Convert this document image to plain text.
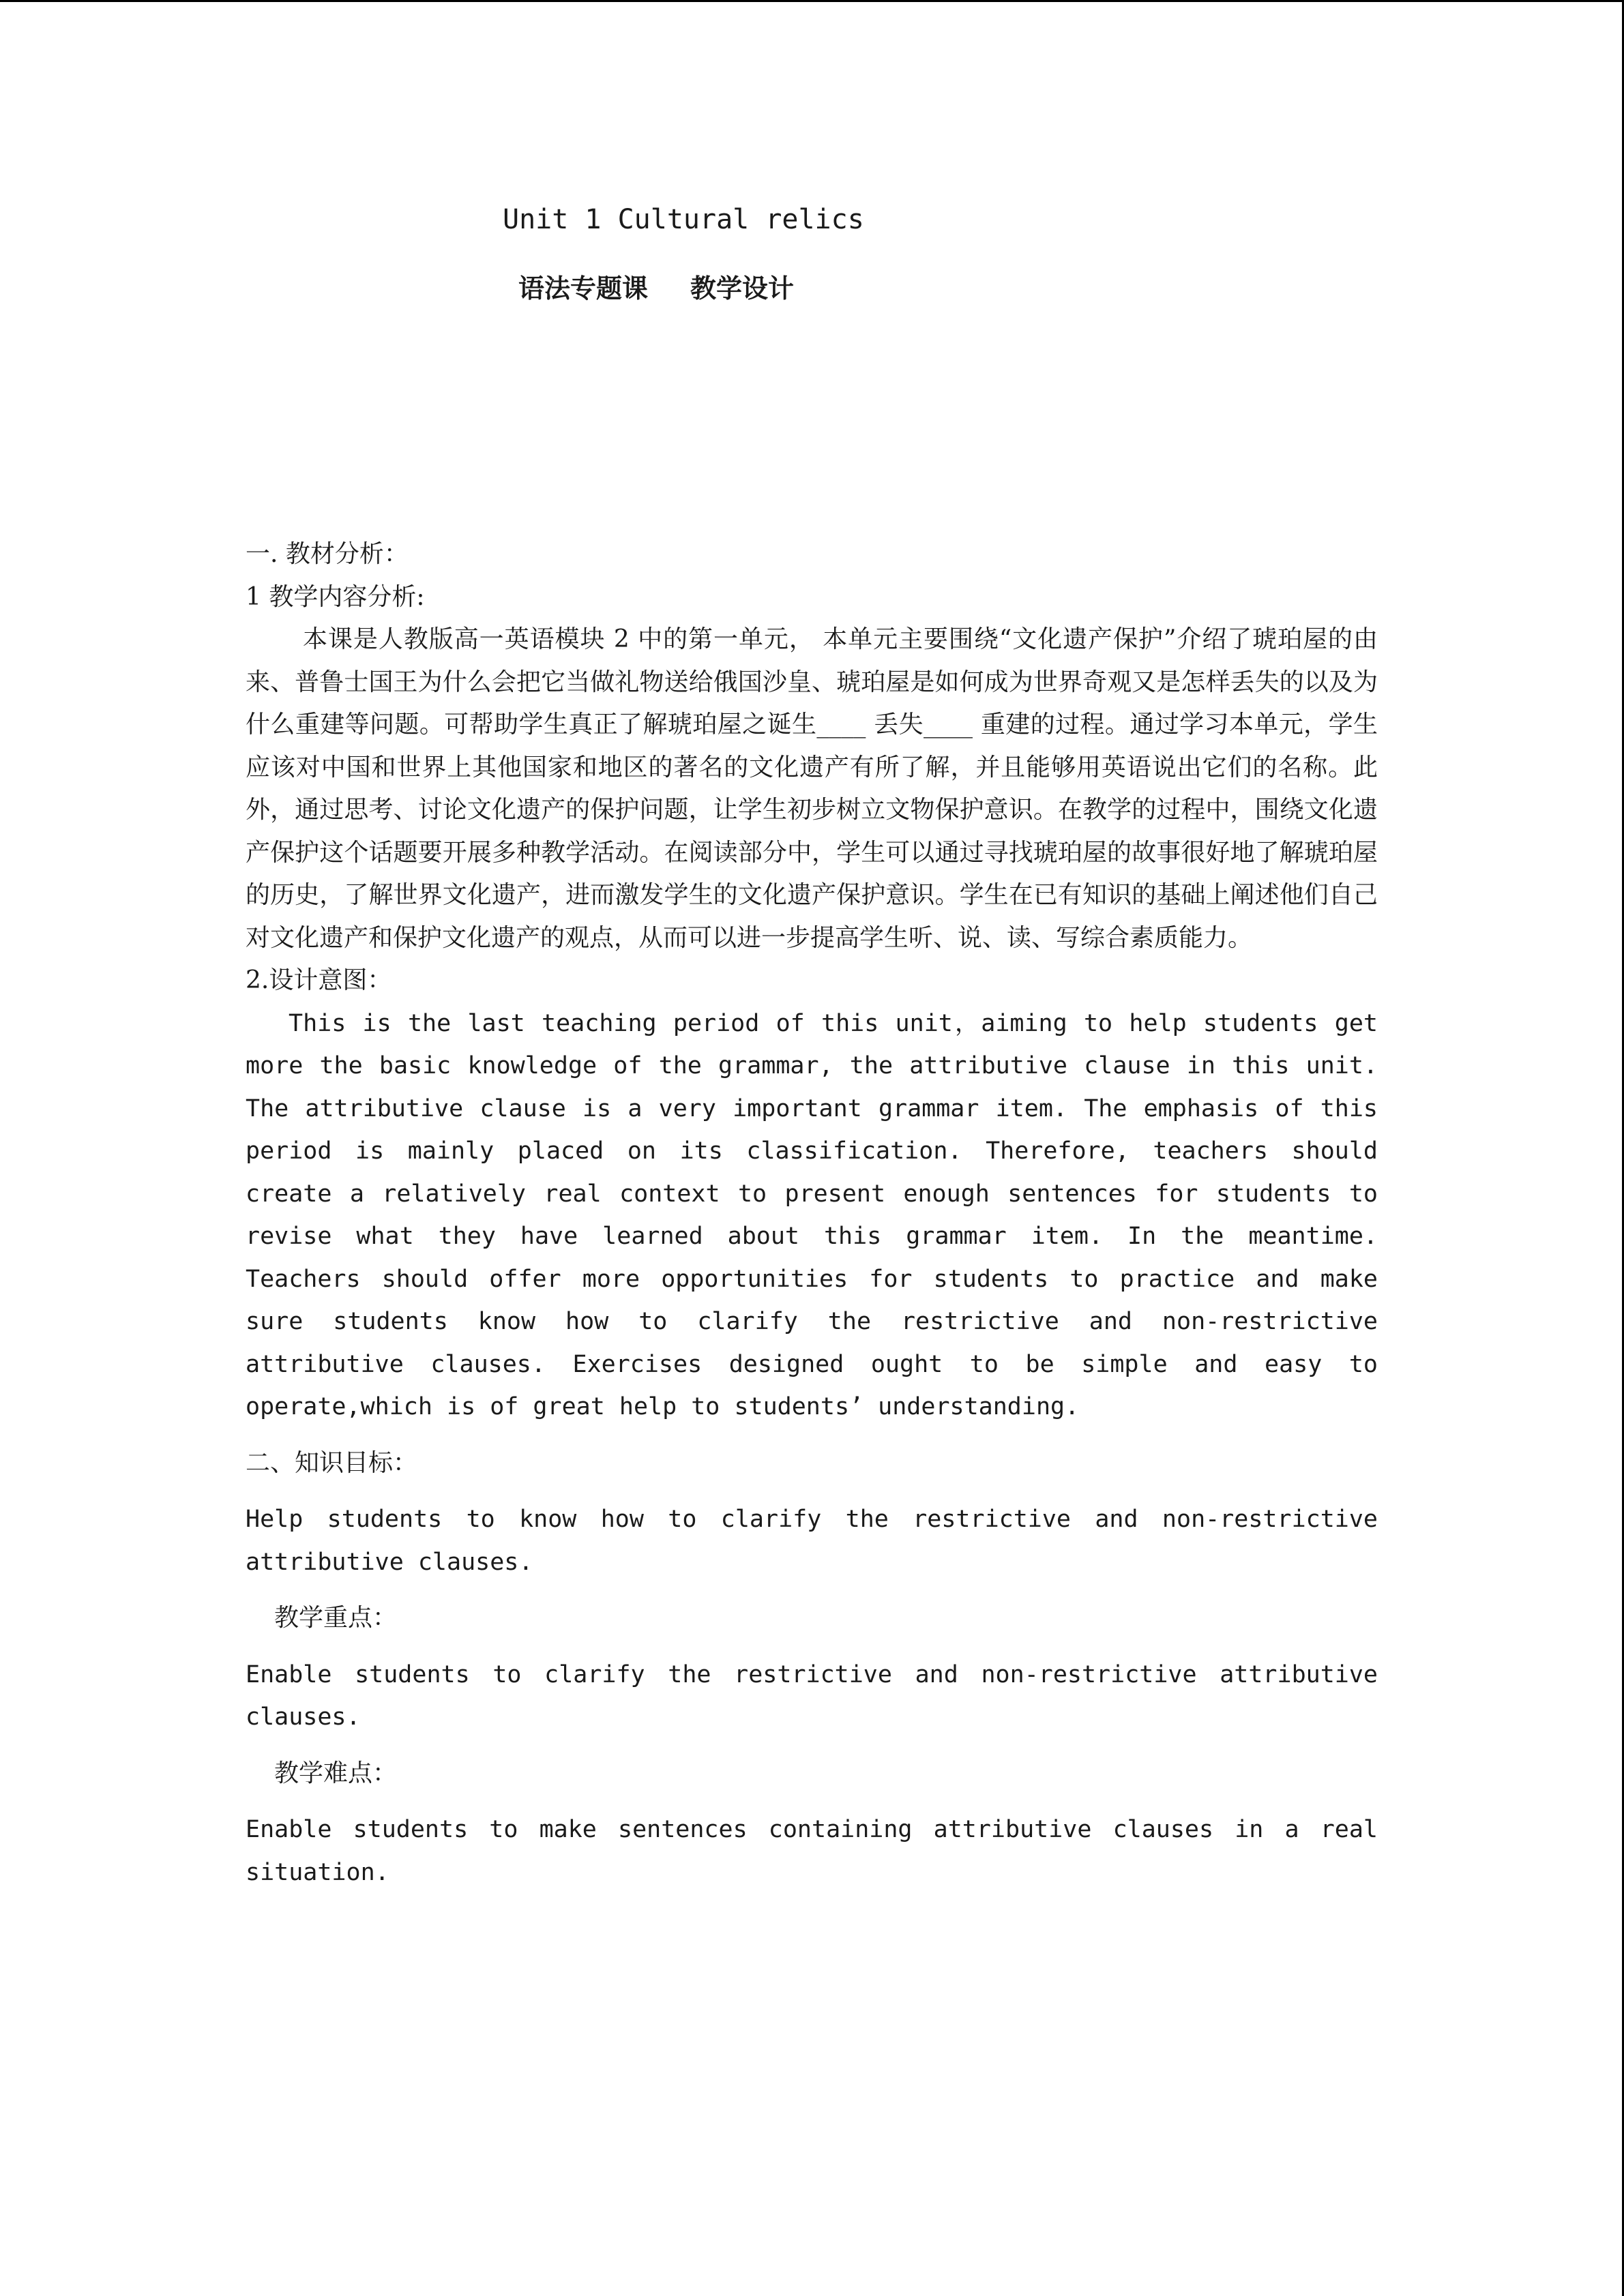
Unit 1 Cultural relics
语法专题课 教学设计

一. 教材分析：

1 教学内容分析:

本课是人教版高一英语模块 2 中的第一单元， 本单元主要围绕“文化遗产保护”介绍了琥珀屋的由来、普鲁士国王为什么会把它当做礼物送给俄国沙皇、琥珀屋是如何成为世界奇观又是怎样丢失的以及为什么重建等问题。可帮助学生真正了解琥珀屋之诞生____ 丢失____ 重建的过程。通过学习本单元，学生应该对中国和世界上其他国家和地区的著名的文化遗产有所了解，并且能够用英语说出它们的名称。此外，通过思考、讨论文化遗产的保护问题，让学生初步树立文物保护意识。在教学的过程中，围绕文化遗产保护这个话题要开展多种教学活动。在阅读部分中，学生可以通过寻找琥珀屋的故事很好地了解琥珀屋的历史，了解世界文化遗产，进而激发学生的文化遗产保护意识。学生在已有知识的基础上阐述他们自己对文化遗产和保护文化遗产的观点，从而可以进一步提高学生听、说、读、写综合素质能力。

2.设计意图：

This is the last teaching period of this unit，aiming to help students get more the basic knowledge of the grammar, the attributive clause in this unit. The attributive clause is a very important grammar item. The emphasis of this period is mainly placed on its classification. Therefore, teachers should create a relatively real context to present enough sentences for students to revise what they have learned about this grammar item. In the meantime. Teachers should offer more opportunities for students to practice and make sure students know how to clarify the restrictive and non-restrictive attributive clauses. Exercises designed ought to be simple and easy to operate,which is of great help to students’ understanding.

二、知识目标：

Help students to know how to clarify the restrictive and non-restrictive attributive clauses.

教学重点：

Enable students to clarify the restrictive and non-restrictive attributive clauses.

教学难点：

Enable students to make sentences containing attributive clauses in a real situation.
